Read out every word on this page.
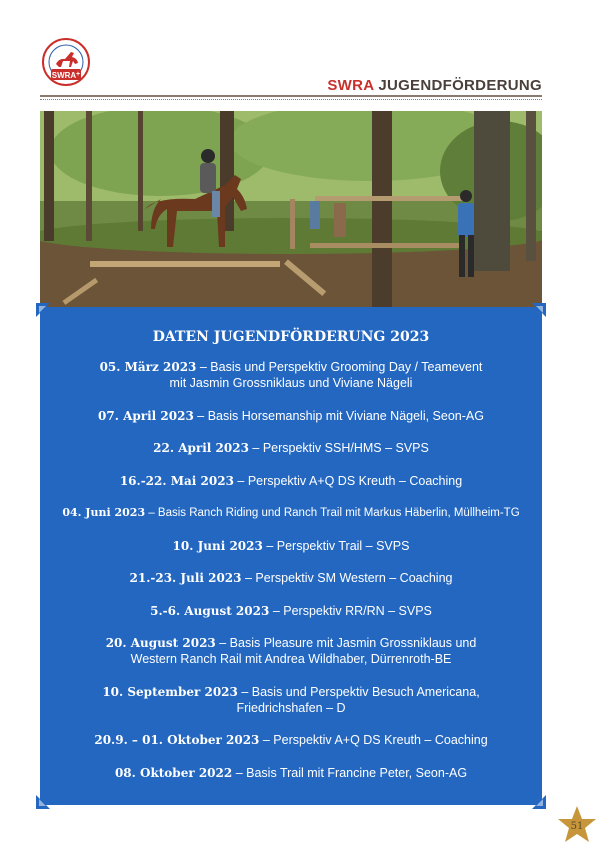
SWRA +
SWRA JUGENDFÖRDERUNG
DATEN JUGENDFÖRDERUNG 2023
05. März 2023 – Basis und Perspektiv Grooming Day / Teamevent
mit Jasmin Grossniklaus und Viviane Nägeli
07. April 2023 – Basis Horsemanship mit Viviane Nägeli, Seon-AG
22. April 2023 – Perspektiv SSH/HMS – SVPS
16.-22. Mai 2023 – Perspektiv A+Q DS Kreuth – Coaching
04. Juni 2023 – Basis Ranch Riding und Ranch Trail mit Markus Häberlin, Müllheim-TG
10. Juni 2023 – Perspektiv Trail – SVPS
21.-23. Juli 2023 – Perspektiv SM Western – Coaching
5.-6. August 2023 – Perspektiv RR/RN – SVPS
20. August 2023 – Basis Pleasure mit Jasmin Grossniklaus und
Western Ranch Rail mit Andrea Wildhaber, Dürrenroth-BE
10. September 2023 – Basis und Perspektiv Besuch Americana,
Friedrichshafen – D
20.9. – 01. Oktober 2023 – Perspektiv A+Q DS Kreuth – Coaching
08. Oktober 2022 – Basis Trail mit Francine Peter, Seon-AG
51
